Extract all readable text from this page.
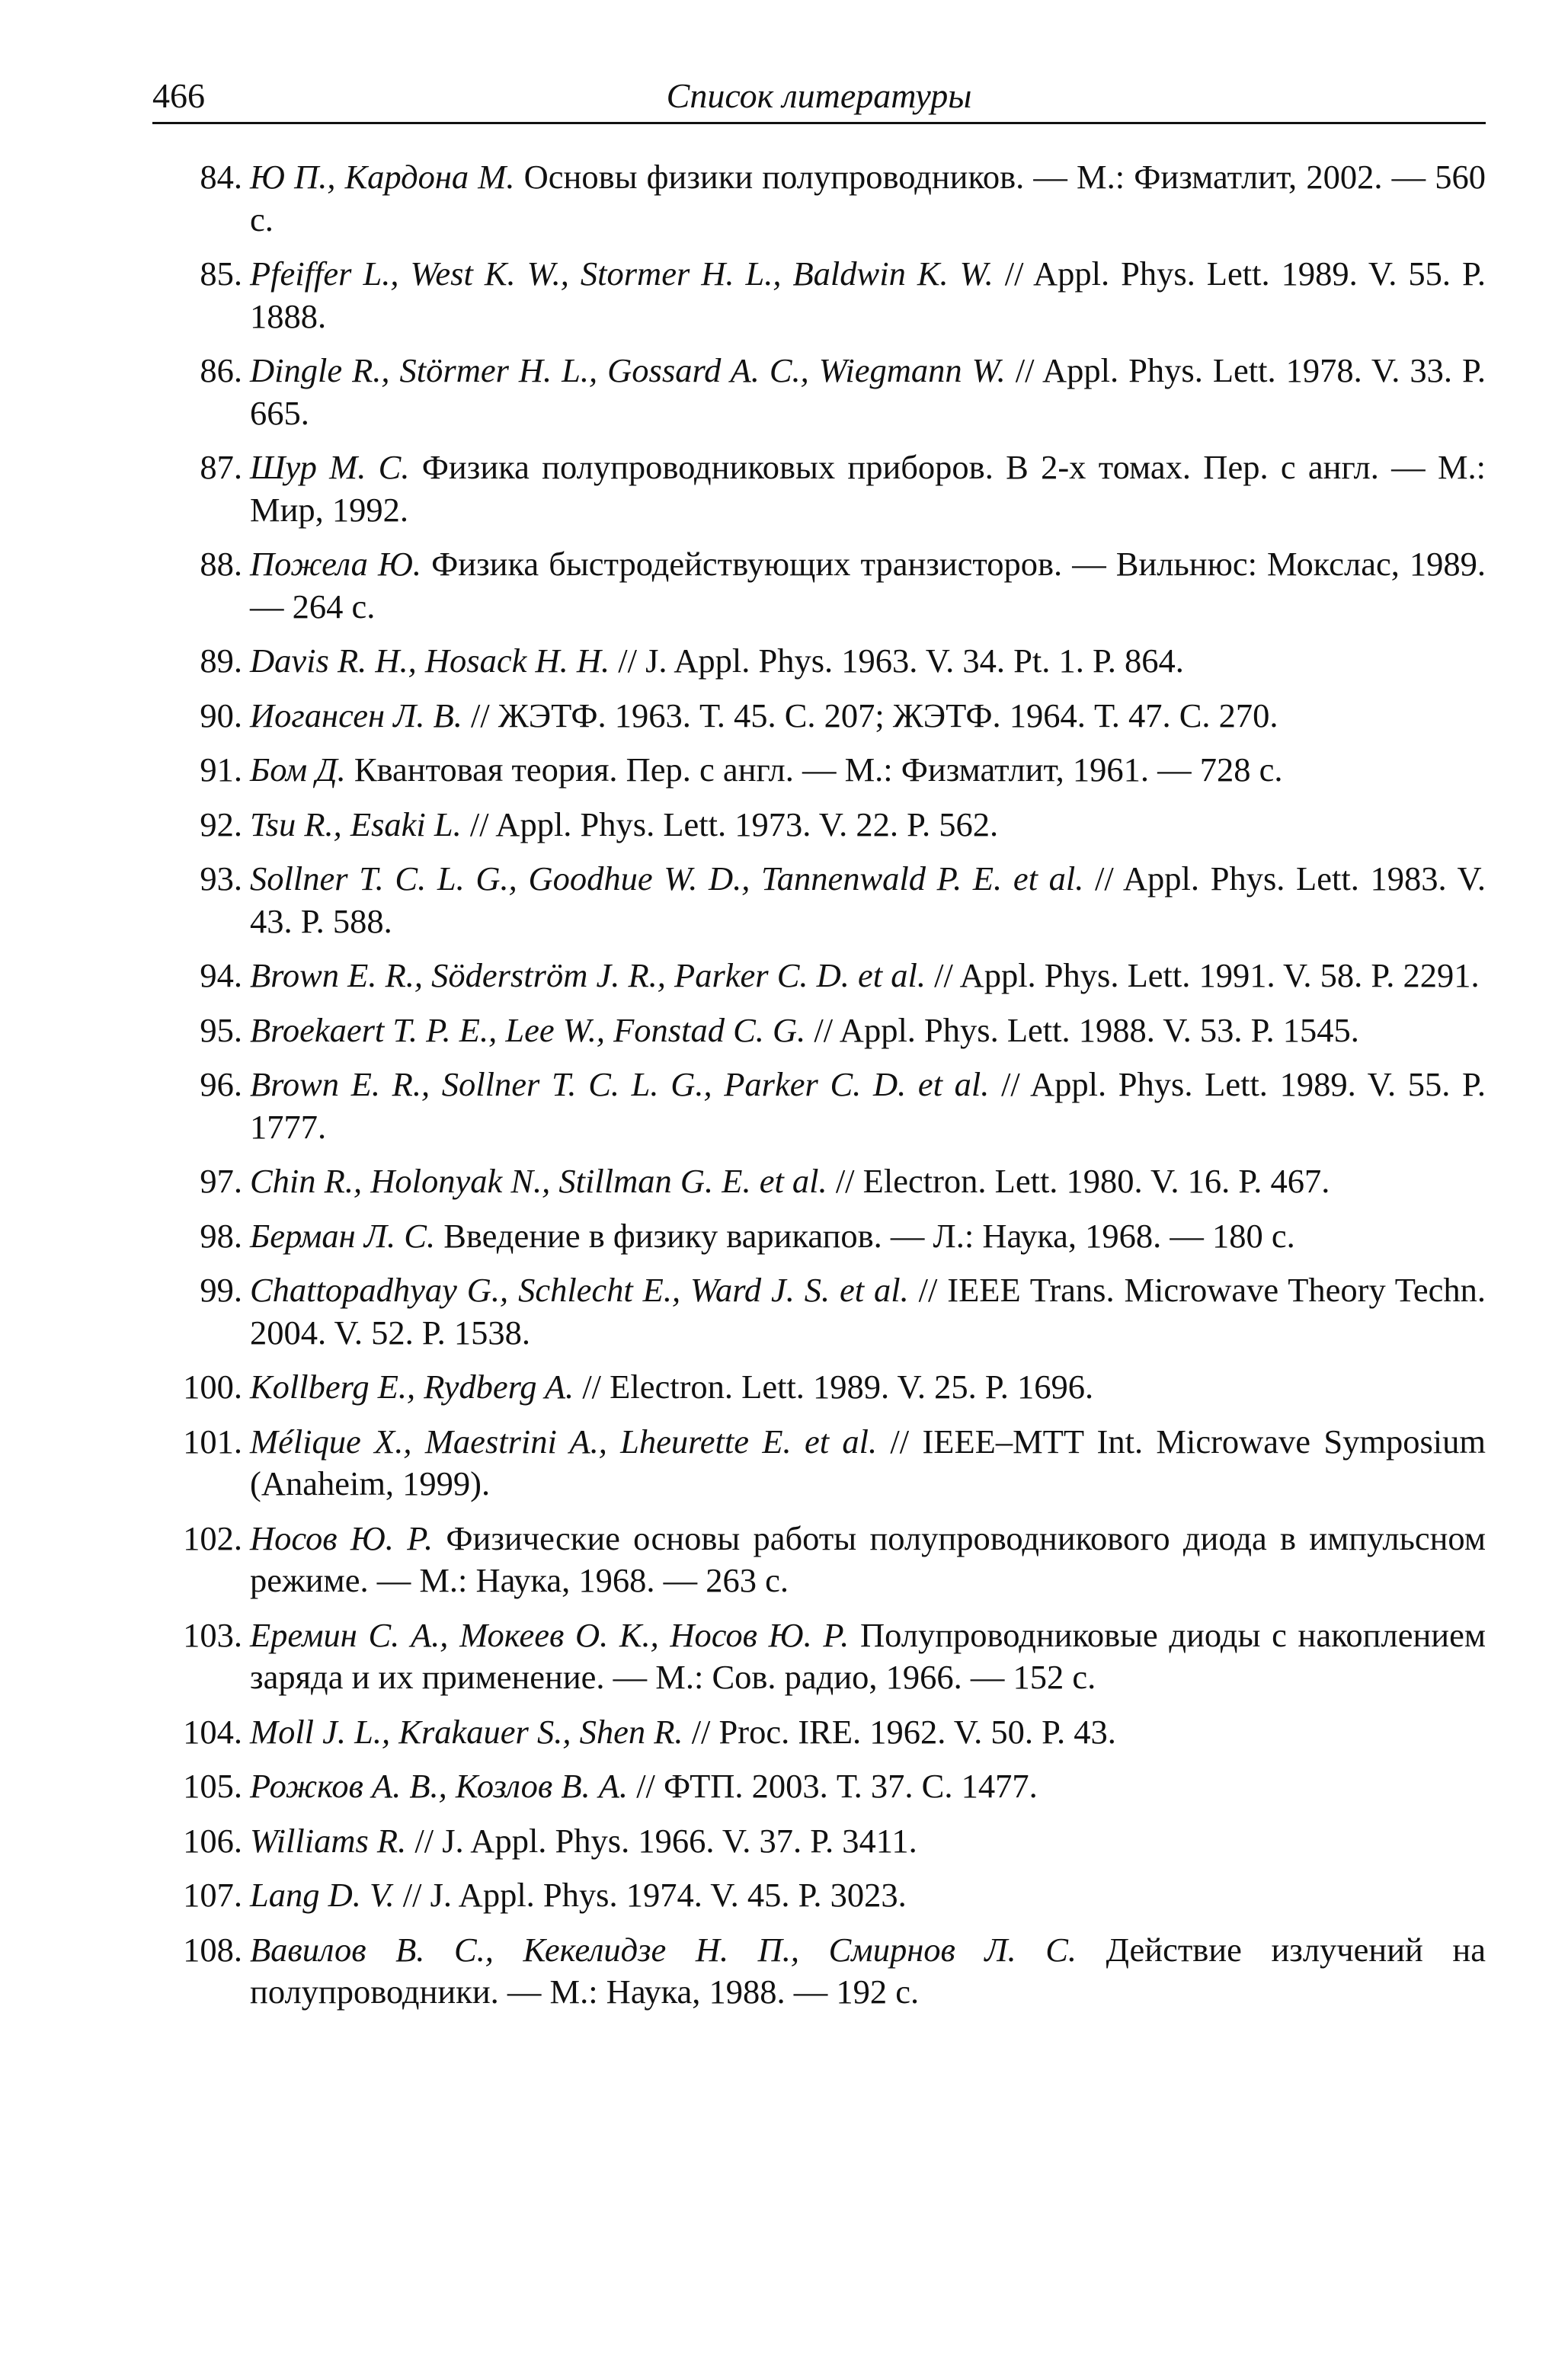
466	Список литературы
84. Ю П., Кардона М. Основы физики полупроводников. — М.: Физматлит, 2002. — 560 с.
85. Pfeiffer L., West K. W., Stormer H. L., Baldwin K. W. // Appl. Phys. Lett. 1989. V. 55. P. 1888.
86. Dingle R., Störmer H. L., Gossard A. C., Wiegmann W. // Appl. Phys. Lett. 1978. V. 33. P. 665.
87. Шур М. С. Физика полупроводниковых приборов. В 2-х томах. Пер. с англ. — М.: Мир, 1992.
88. Пожела Ю. Физика быстродействующих транзисторов. — Вильнюс: Мокслас, 1989. — 264 с.
89. Davis R. H., Hosack H. H. // J. Appl. Phys. 1963. V. 34. Pt. 1. P. 864.
90. Иогансен Л. В. // ЖЭТФ. 1963. Т. 45. С. 207; ЖЭТФ. 1964. Т. 47. С. 270.
91. Бом Д. Квантовая теория. Пер. с англ. — М.: Физматлит, 1961. — 728 с.
92. Tsu R., Esaki L. // Appl. Phys. Lett. 1973. V. 22. P. 562.
93. Sollner T. C. L. G., Goodhue W. D., Tannenwald P. E. et al. // Appl. Phys. Lett. 1983. V. 43. P. 588.
94. Brown E. R., Söderström J. R., Parker C. D. et al. // Appl. Phys. Lett. 1991. V. 58. P. 2291.
95. Broekaert T. P. E., Lee W., Fonstad C. G. // Appl. Phys. Lett. 1988. V. 53. P. 1545.
96. Brown E. R., Sollner T. C. L. G., Parker C. D. et al. // Appl. Phys. Lett. 1989. V. 55. P. 1777.
97. Chin R., Holonyak N., Stillman G. E. et al. // Electron. Lett. 1980. V. 16. P. 467.
98. Берман Л. С. Введение в физику варикапов. — Л.: Наука, 1968. — 180 с.
99. Chattopadhyay G., Schlecht E., Ward J. S. et al. // IEEE Trans. Microwave Theory Techn. 2004. V. 52. P. 1538.
100. Kollberg E., Rydberg A. // Electron. Lett. 1989. V. 25. P. 1696.
101. Mélique X., Maestrini A., Lheurette E. et al. // IEEE–MTT Int. Microwave Symposium (Anaheim, 1999).
102. Носов Ю. Р. Физические основы работы полупроводникового диода в импульсном режиме. — М.: Наука, 1968. — 263 с.
103. Еремин С. А., Мокеев О. К., Носов Ю. Р. Полупроводниковые диоды с накоплением заряда и их применение. — М.: Сов. радио, 1966. — 152 с.
104. Moll J. L., Krakauer S., Shen R. // Proc. IRE. 1962. V. 50. P. 43.
105. Рожков А. В., Козлов В. А. // ФТП. 2003. Т. 37. С. 1477.
106. Williams R. // J. Appl. Phys. 1966. V. 37. P. 3411.
107. Lang D. V. // J. Appl. Phys. 1974. V. 45. P. 3023.
108. Вавилов В. С., Кекелидзе Н. П., Смирнов Л. С. Действие излучений на полупроводники. — М.: Наука, 1988. — 192 с.
